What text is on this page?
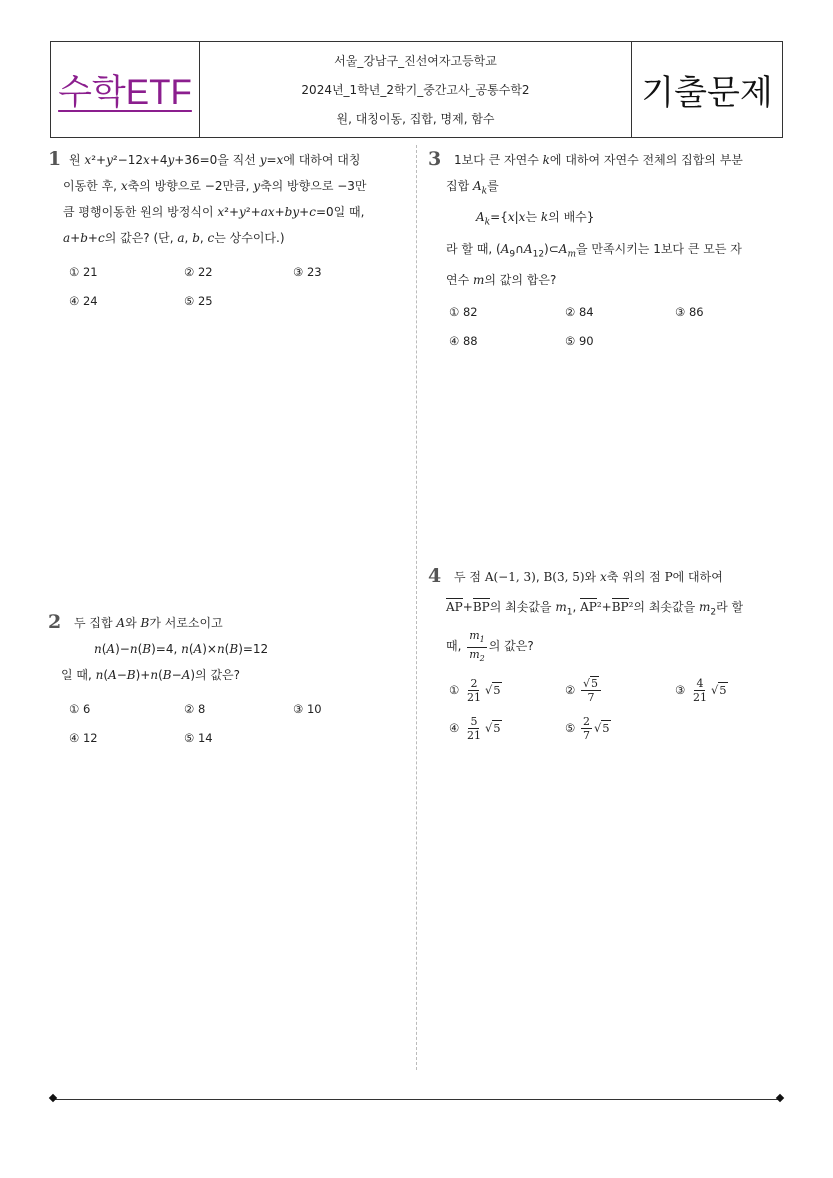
수학ETF
서울_강남구_진선여자고등학교
2024년_1학년_2학기_중간고사_공통수학2
원, 대칭이동, 집합, 명제, 함수
기출문제
1 원 x²+y²−12x+4y+36=0을 직선 y=x에 대하여 대칭
이동한 후, x축의 방향으로 −2만큼, y축의 방향으로 −3만
큼 평행이동한 원의 방정식이 x²+y²+ax+by+c=0일 때,
a+b+c의 값은? (단, a, b, c는 상수이다.)
① 21	② 22	③ 23
④ 24	⑤ 25
2 두 집합 A와 B가 서로소이고
n(A)−n(B)=4, n(A)×n(B)=12
일 때, n(A−B)+n(B−A)의 값은?
① 6	② 8	③ 10
④ 12	⑤ 14
3 1보다 큰 자연수 k에 대하여 자연수 전체의 집합의 부분
집합 $A_k$를
$A_k=\{x|x$는 k의 배수}
라 할 때, $(A_9\cap A_{12})\subset A_m$을 만족시키는 1보다 큰 모든 자
연수 m의 값의 합은?
① 82	② 84	③ 86
④ 88	⑤ 90
4 두 점 A(−1, 3), B(3, 5)와 x축 위의 점 P에 대하여
AP+BP의 최솟값을 $m_1$, AP²+BP²의 최솟값을 $m_2$라 할
때, $\frac{m_1}{m_2}$ 의 값은?
① $\frac{2}{21} √5$	② $\frac{√5}{7}$	③ $\frac{4}{21} √5$
④ $\frac{5}{21} √5$	⑤ $\frac{2}{7} √5$
